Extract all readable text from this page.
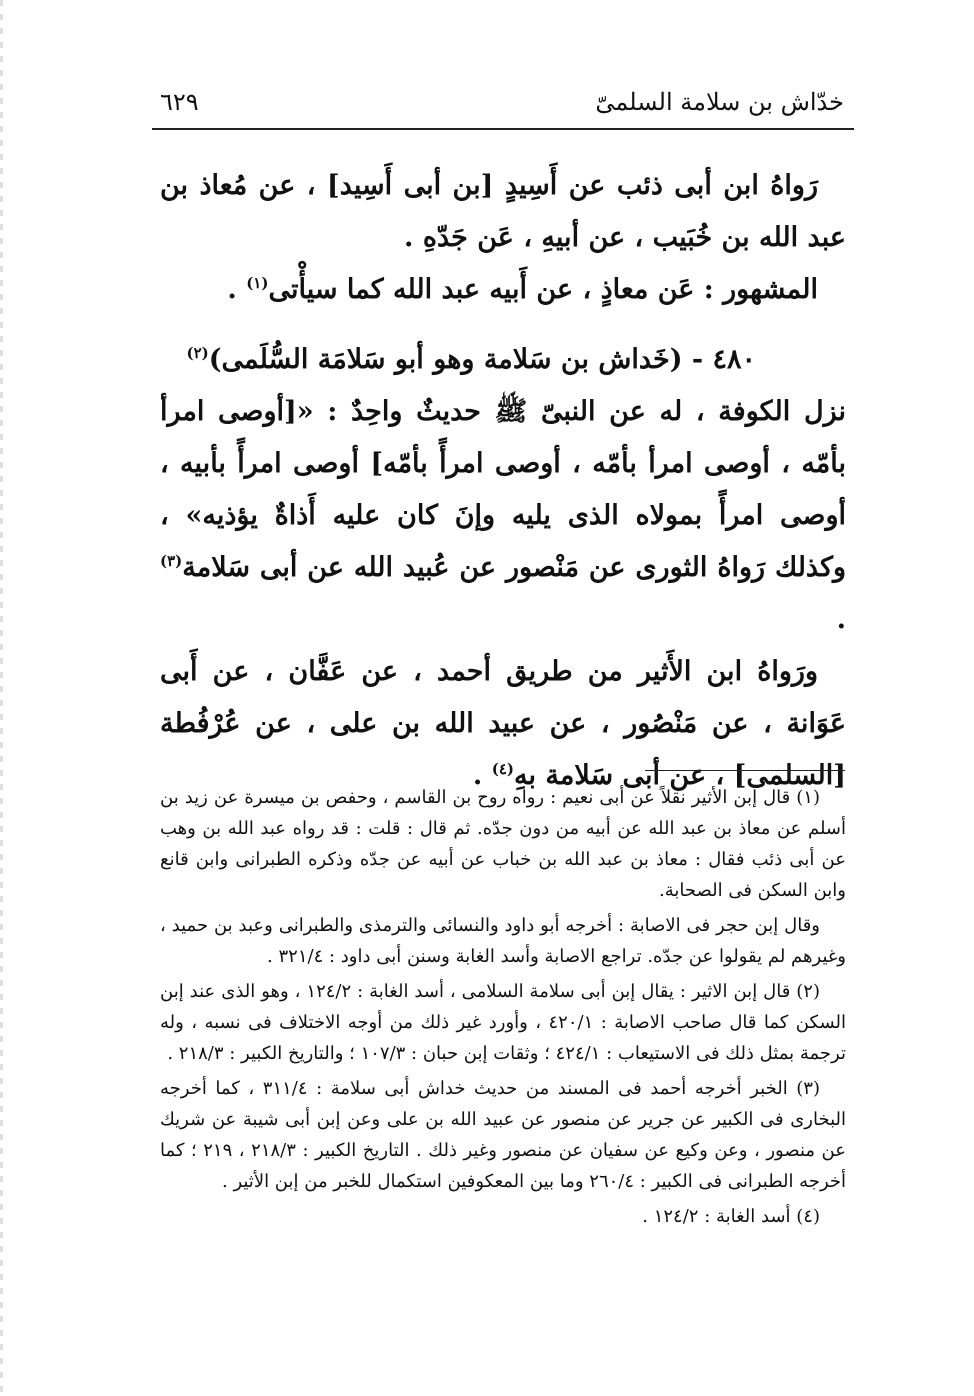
خدّاش بن سلامة السلمىّ
٦٢٩

رَواهُ ابن أبى ذئب عن أَسِيدٍ [بن أبى أَسِيد] ، عن مُعاذ بن عبد الله بن خُبَيب ، عن أبيهِ ، عَن جَدّهِ .

المشهور : عَن معاذٍ ، عن أَبيه عبد الله كما سيأْتى$^{(١)}$ .

٤٨٠ - (خَداش بن سَلامة وهو أبو سَلامَة السُّلَمى)$^{(٢)}$

نزل الكوفة ، له عن النبىّ ﷺ حديثٌ واحِدٌ : «[أوصى امرأ بأمّه ، أوصى امرأ بأمّه ، أوصى امرأً بأمّه] أوصى امرأً بأبيه ، أوصى امرأً بمولاه الذى يليه وإنَ كان عليه أَذاةٌ يؤذيه» ، وكذلك رَواهُ الثورى عن مَنْصور عن عُبيد الله عن أبى سَلامة$^{(٣)}$ .

ورَواهُ ابن الأَثير من طريق أحمد ، عن عَفَّان ، عن أَبى عَوَانة ، عن مَنْصُور ، عن عبيد الله بن على ، عن عُرْفُطة [السلمى] ، عن أبى سَلامة بهِ$^{(٤)}$ .

(١) قال إبن الأثير نقلاً عن أبى نعيم : رواه روح بن القاسم ، وحفص بن ميسرة عن زيد بن أسلم عن معاذ بن عبد الله عن أبيه من دون جدّه. ثم قال : قلت : قد رواه عبد الله بن وهب عن أبى ذئب فقال : معاذ بن عبد الله بن خباب عن أبيه عن جدّه وذكره الطبرانى وابن قانع وابن السكن فى الصحابة.

وقال إبن حجر فى الاصابة : أخرجه أبو داود والنسائى والترمذى والطبرانى وعبد بن حميد ، وغيرهم لم يقولوا عن جدّه. تراجع الاصابة وأسد الغابة وسنن أبى داود : ٣٢١/٤ .

(٢) قال إبن الاثير : يقال إبن أبى سلامة السلامى ، أسد الغابة : ١٢٤/٢ ، وهو الذى عند إبن السكن كما قال صاحب الاصابة : ٤٢٠/١ ، وأورد غير ذلك من أوجه الاختلاف فى نسبه ، وله ترجمة بمثل ذلك فى الاستيعاب : ٤٢٤/١ ؛ وثقات إبن حبان : ١٠٧/٣ ؛ والتاريخ الكبير : ٢١٨/٣ .

(٣) الخبر أخرجه أحمد فى المسند من حديث خداش أبى سلامة : ٣١١/٤ ، كما أخرجه البخارى فى الكبير عن جرير عن منصور عن عبيد الله بن على وعن إبن أبى شيبة عن شريك عن منصور ، وعن وكيع عن سفيان عن منصور وغير ذلك . التاريخ الكبير : ٢١٨/٣ ، ٢١٩ ؛ كما أخرجه الطبرانى فى الكبير : ٢٦٠/٤ وما بين المعكوفين استكمال للخبر من إبن الأثير .

(٤) أسد الغابة : ١٢٤/٢ .
